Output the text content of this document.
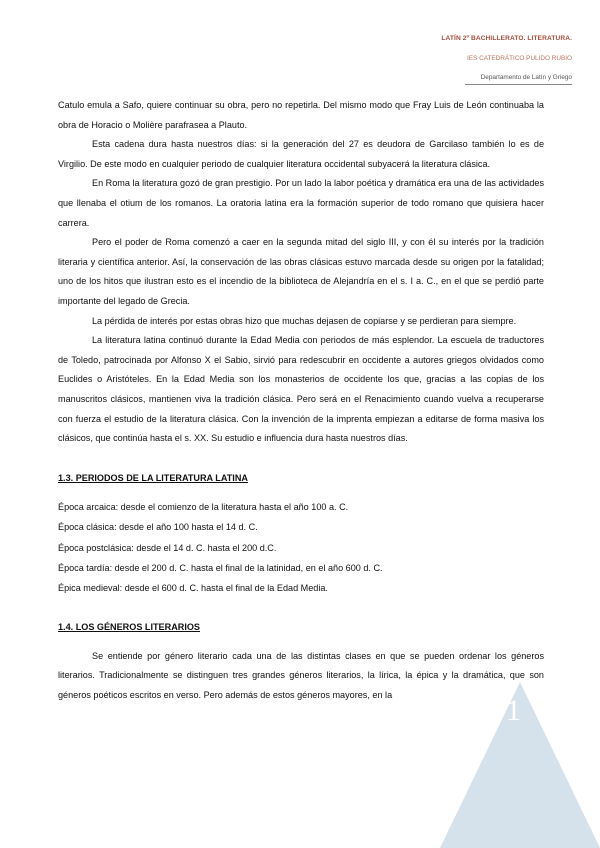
LATÍN 2º BACHILLERATO. LITERATURA.
IES CATEDRÁTICO PULIDO RUBIO
Departamento de Latín y Griego

Catulo emula a Safo, quiere continuar su obra, pero no repetirla. Del mismo modo que Fray Luis de León continuaba la obra de Horacio o Molière parafrasea a Plauto.

Esta cadena dura hasta nuestros días: si la generación del 27 es deudora de Garcilaso también lo es de Virgilio. De este modo en cualquier periodo de cualquier literatura occidental subyacerá la literatura clásica.

En Roma la literatura gozó de gran prestigio. Por un lado la labor poética y dramática era una de las actividades que llenaba el otium de los romanos. La oratoria latina era la formación superior de todo romano que quisiera hacer carrera.

Pero el poder de Roma comenzó a caer en la segunda mitad del siglo III, y con él su interés por la tradición literaria y científica anterior. Así, la conservación de las obras clásicas estuvo marcada desde su origen por la fatalidad; uno de los hitos que ilustran esto es el incendio de la biblioteca de Alejandría en el s. I a. C., en el que se perdió parte importante del legado de Grecia.

La pérdida de interés por estas obras hizo que muchas dejasen de copiarse y se perdieran para siempre.

La literatura latina continuó durante la Edad Media con periodos de más esplendor. La escuela de traductores de Toledo, patrocinada por Alfonso X el Sabio, sirvió para redescubrir en occidente a autores griegos olvidados como Euclides o Aristóteles. En la Edad Media son los monasterios de occidente los que, gracias a las copias de los manuscritos clásicos, mantienen viva la tradición clásica. Pero será en el Renacimiento cuando vuelva a recuperarse con fuerza el estudio de la literatura clásica. Con la invención de la imprenta empiezan a editarse de forma masiva los clásicos, que continúa hasta el s. XX. Su estudio e influencia dura hasta nuestros días.

1.3. PERIODOS DE LA LITERATURA LATINA
Época arcaica: desde el comienzo de la literatura hasta el año 100 a. C.
Época clásica: desde el año 100 hasta el 14 d. C.
Época postclásica: desde el 14 d. C. hasta el 200 d.C.
Época tardía: desde el 200 d. C. hasta el final de la latinidad, en el año 600 d. C.
Épica medieval: desde el 600 d. C. hasta el final de la Edad Media.
1.4. LOS GÉNEROS LITERARIOS

Se entiende por género literario cada una de las distintas clases en que se pueden ordenar los géneros literarios. Tradicionalmente se distinguen tres grandes géneros literarios, la lírica, la épica y la dramática, que son géneros poéticos escritos en verso. Pero además de estos géneros mayores, en la	1
